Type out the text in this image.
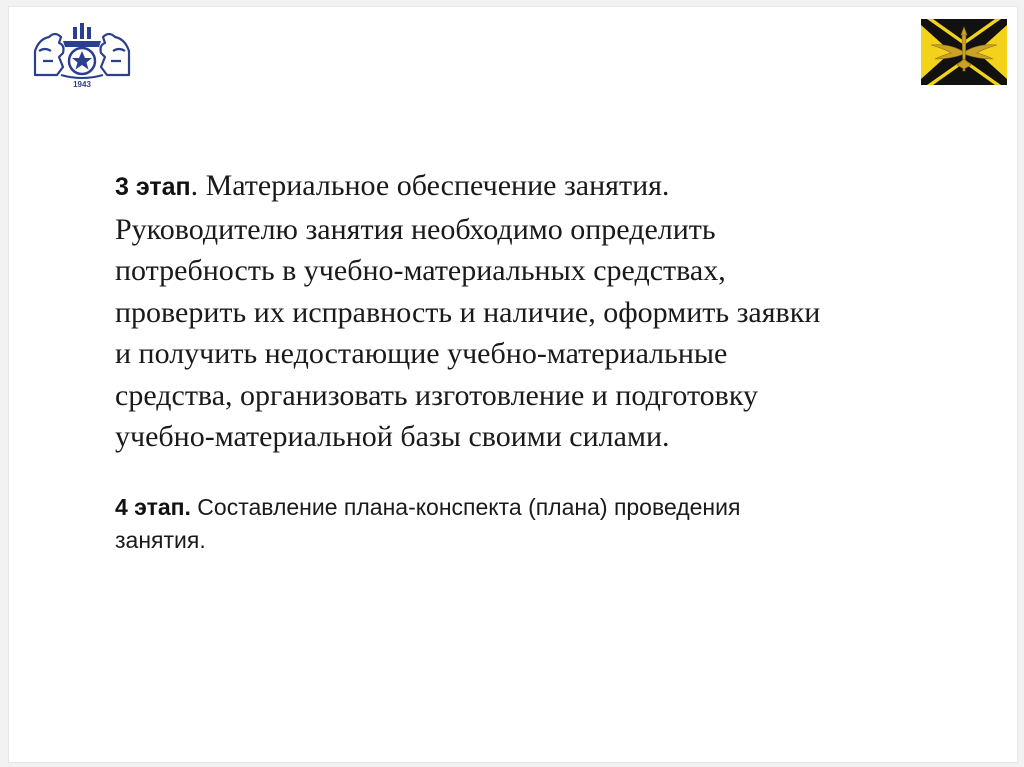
1943

3 этап. Материальное обеспечение занятия.
Руководителю занятия необходимо определить
потребность в учебно-материальных средствах,
проверить их исправность и наличие, оформить заявки
и получить недостающие учебно-материальные
средства, организовать изготовление и подготовку
учебно-материальной базы своими силами.

4 этап. Составление плана-конспекта (плана) проведения
занятия.
